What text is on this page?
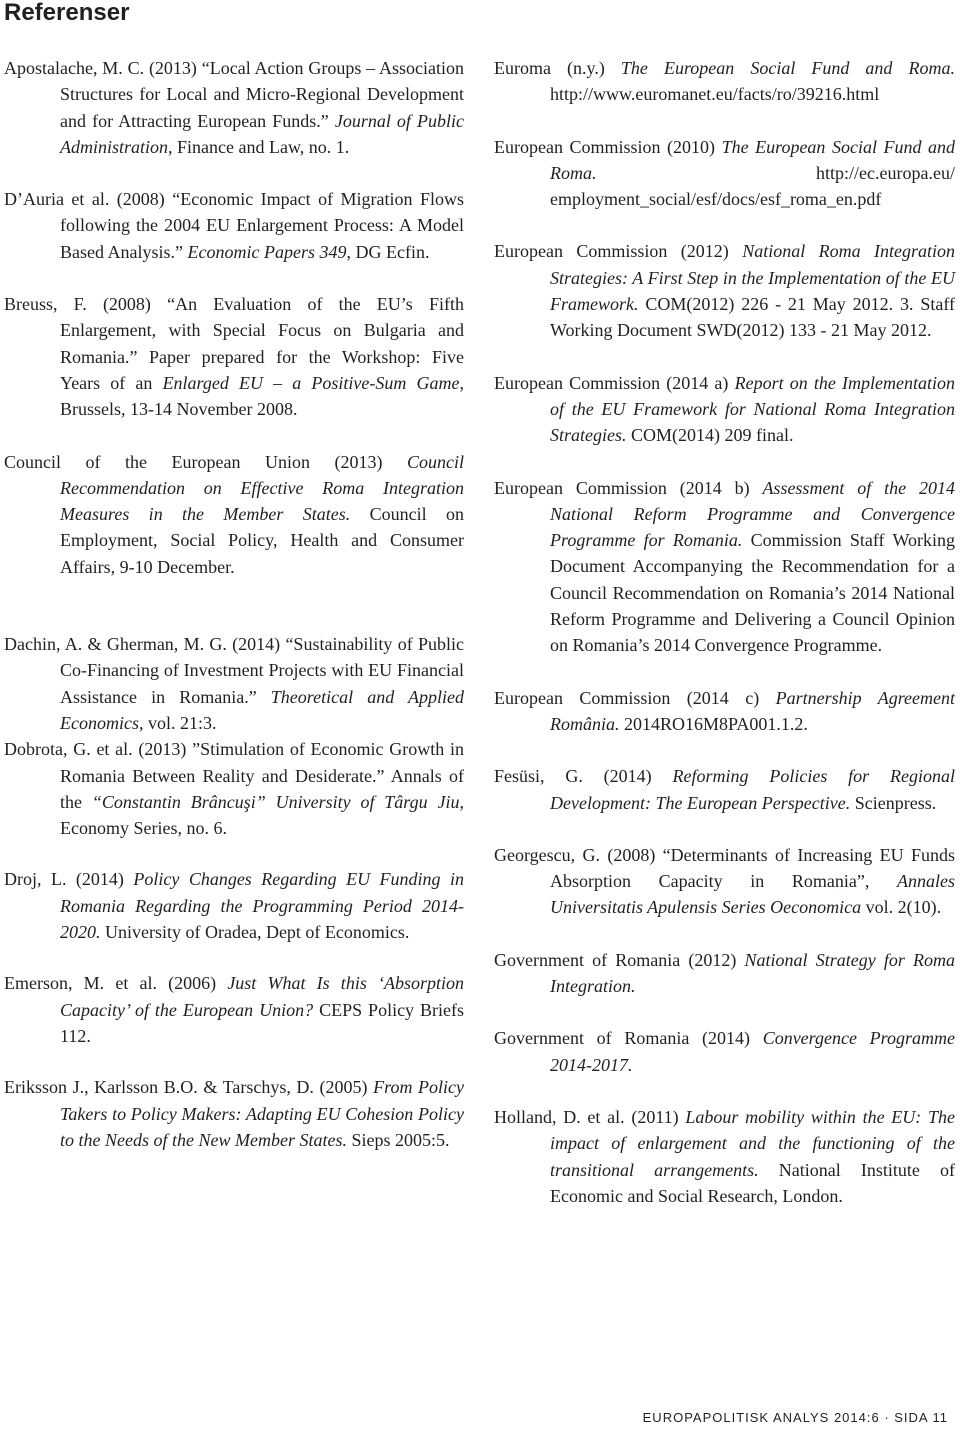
Referenser

Apostalache, M. C. (2013) “Local Action Groups – Association Structures for Local and Micro-Regional Development and for Attracting European Funds.” Journal of Public Administration, Finance and Law, no. 1.

D’Auria et al. (2008) “Economic Impact of Migration Flows following the 2004 EU Enlargement Process: A Model Based Analysis.” Economic Papers 349, DG Ecfin.

Breuss, F. (2008) “An Evaluation of the EU’s Fifth Enlargement, with Special Focus on Bulgaria and Romania.” Paper prepared for the Workshop: Five Years of an Enlarged EU – a Positive-Sum Game, Brussels, 13-14 November 2008.

Council of the European Union (2013) Council Recommendation on Effective Roma Integration Measures in the Member States. Council on Employment, Social Policy, Health and Consumer Affairs, 9-10 December.

Dachin, A. & Gherman, M. G. (2014) “Sustainability of Public Co-Financing of Investment Projects with EU Financial Assistance in Romania.” Theoretical and Applied Economics, vol. 21:3.

Dobrota, G. et al. (2013) ”Stimulation of Economic Growth in Romania Between Reality and Desiderate.” Annals of the “Constantin Brâncuşi” University of Târgu Jiu, Economy Series, no. 6.

Droj, L. (2014) Policy Changes Regarding EU Funding in Romania Regarding the Programming Period 2014-2020. University of Oradea, Dept of Economics.

Emerson, M. et al. (2006) Just What Is this ‘Absorption Capacity’ of the European Union? CEPS Policy Briefs 112.

Eriksson J., Karlsson B.O. & Tarschys, D. (2005) From Policy Takers to Policy Makers: Adapting EU Cohesion Policy to the Needs of the New Member States. Sieps 2005:5.

Euroma (n.y.) The European Social Fund and Roma. http://www.euromanet.eu/facts/ro/39216.html

European Commission (2010) The European Social Fund and Roma. http://ec.europa.eu/ employment_social/esf/docs/esf_roma_en.pdf

European Commission (2012) National Roma Integration Strategies: A First Step in the Implementation of the EU Framework. COM(2012) 226 - 21 May 2012. 3. Staff Working Document SWD(2012) 133 - 21 May 2012.

European Commission (2014 a) Report on the Implementation of the EU Framework for National Roma Integration Strategies. COM(2014) 209 final.

European Commission (2014 b) Assessment of the 2014 National Reform Programme and Convergence Programme for Romania. Commission Staff Working Document Accompanying the Recommendation for a Council Recommendation on Romania’s 2014 National Reform Programme and Delivering a Council Opinion on Romania’s 2014 Convergence Programme.

European Commission (2014 c) Partnership Agreement România. 2014RO16M8PA001.1.2.

Fesüsi, G. (2014) Reforming Policies for Regional Development: The European Perspective. Scienpress.

Georgescu, G. (2008) “Determinants of Increasing EU Funds Absorption Capacity in Romania”, Annales Universitatis Apulensis Series Oeconomica vol. 2(10).

Government of Romania (2012) National Strategy for Roma Integration.

Government of Romania (2014) Convergence Programme 2014-2017.

Holland, D. et al. (2011) Labour mobility within the EU: The impact of enlargement and the functioning of the transitional arrangements. National Institute of Economic and Social Research, London.

EUROPAPOLITISK ANALYS 2014:6 · SIDA 11
